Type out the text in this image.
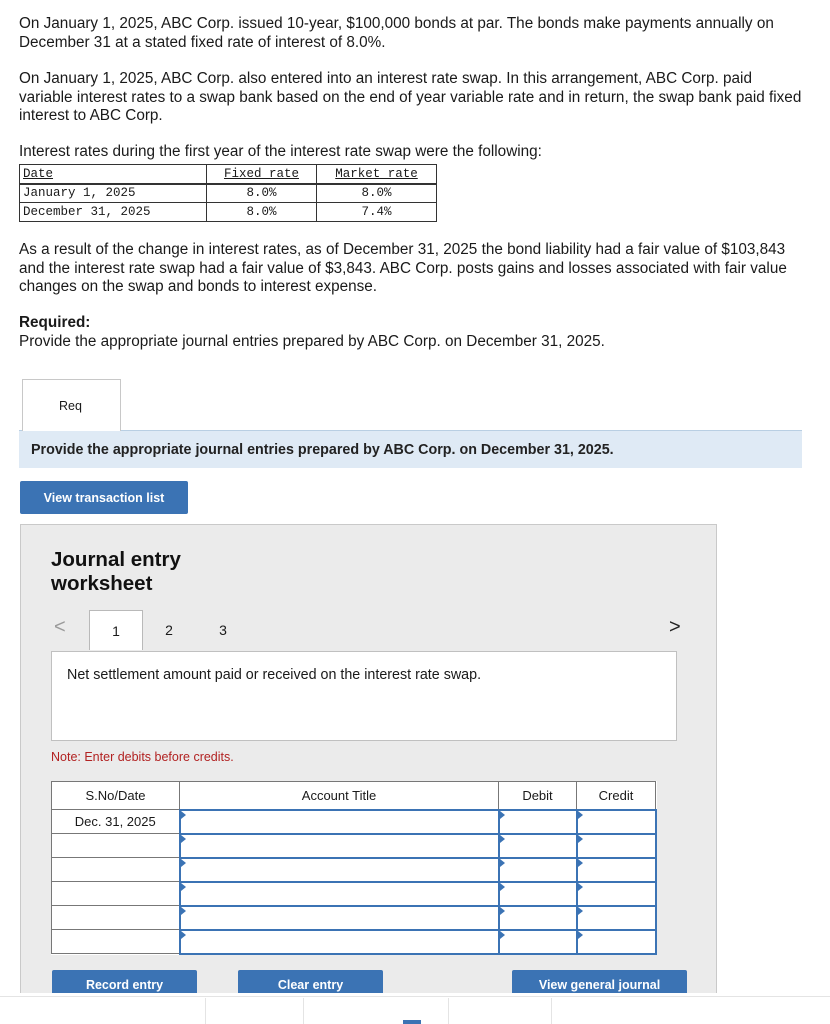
On January 1, 2025, ABC Corp. issued 10-year, $100,000 bonds at par. The bonds make payments annually on December 31 at a stated fixed rate of interest of 8.0%.

On January 1, 2025, ABC Corp. also entered into an interest rate swap. In this arrangement, ABC Corp. paid variable interest rates to a swap bank based on the end of year variable rate and in return, the swap bank paid fixed interest to ABC Corp.

Interest rates during the first year of the interest rate swap were the following:

Date	Fixed rate	Market rate
January 1, 2025	8.0%	8.0%
December 31, 2025	8.0%	7.4%

As a result of the change in interest rates, as of December 31, 2025 the bond liability had a fair value of $103,843 and the interest rate swap had a fair value of $3,843. ABC Corp. posts gains and losses associated with fair value changes on the swap and bonds to interest expense.

Required:

Provide the appropriate journal entries prepared by ABC Corp. on December 31, 2025.

Req
Provide the appropriate journal entries prepared by ABC Corp. on December 31, 2025.
View transaction list
Journal entry worksheet
<	1	2	3	>
Net settlement amount paid or received on the interest rate swap.
Note: Enter debits before credits.
S.No/Date	Account Title	Debit	Credit
Dec. 31, 2025			

Record entry	Clear entry	View general journal
